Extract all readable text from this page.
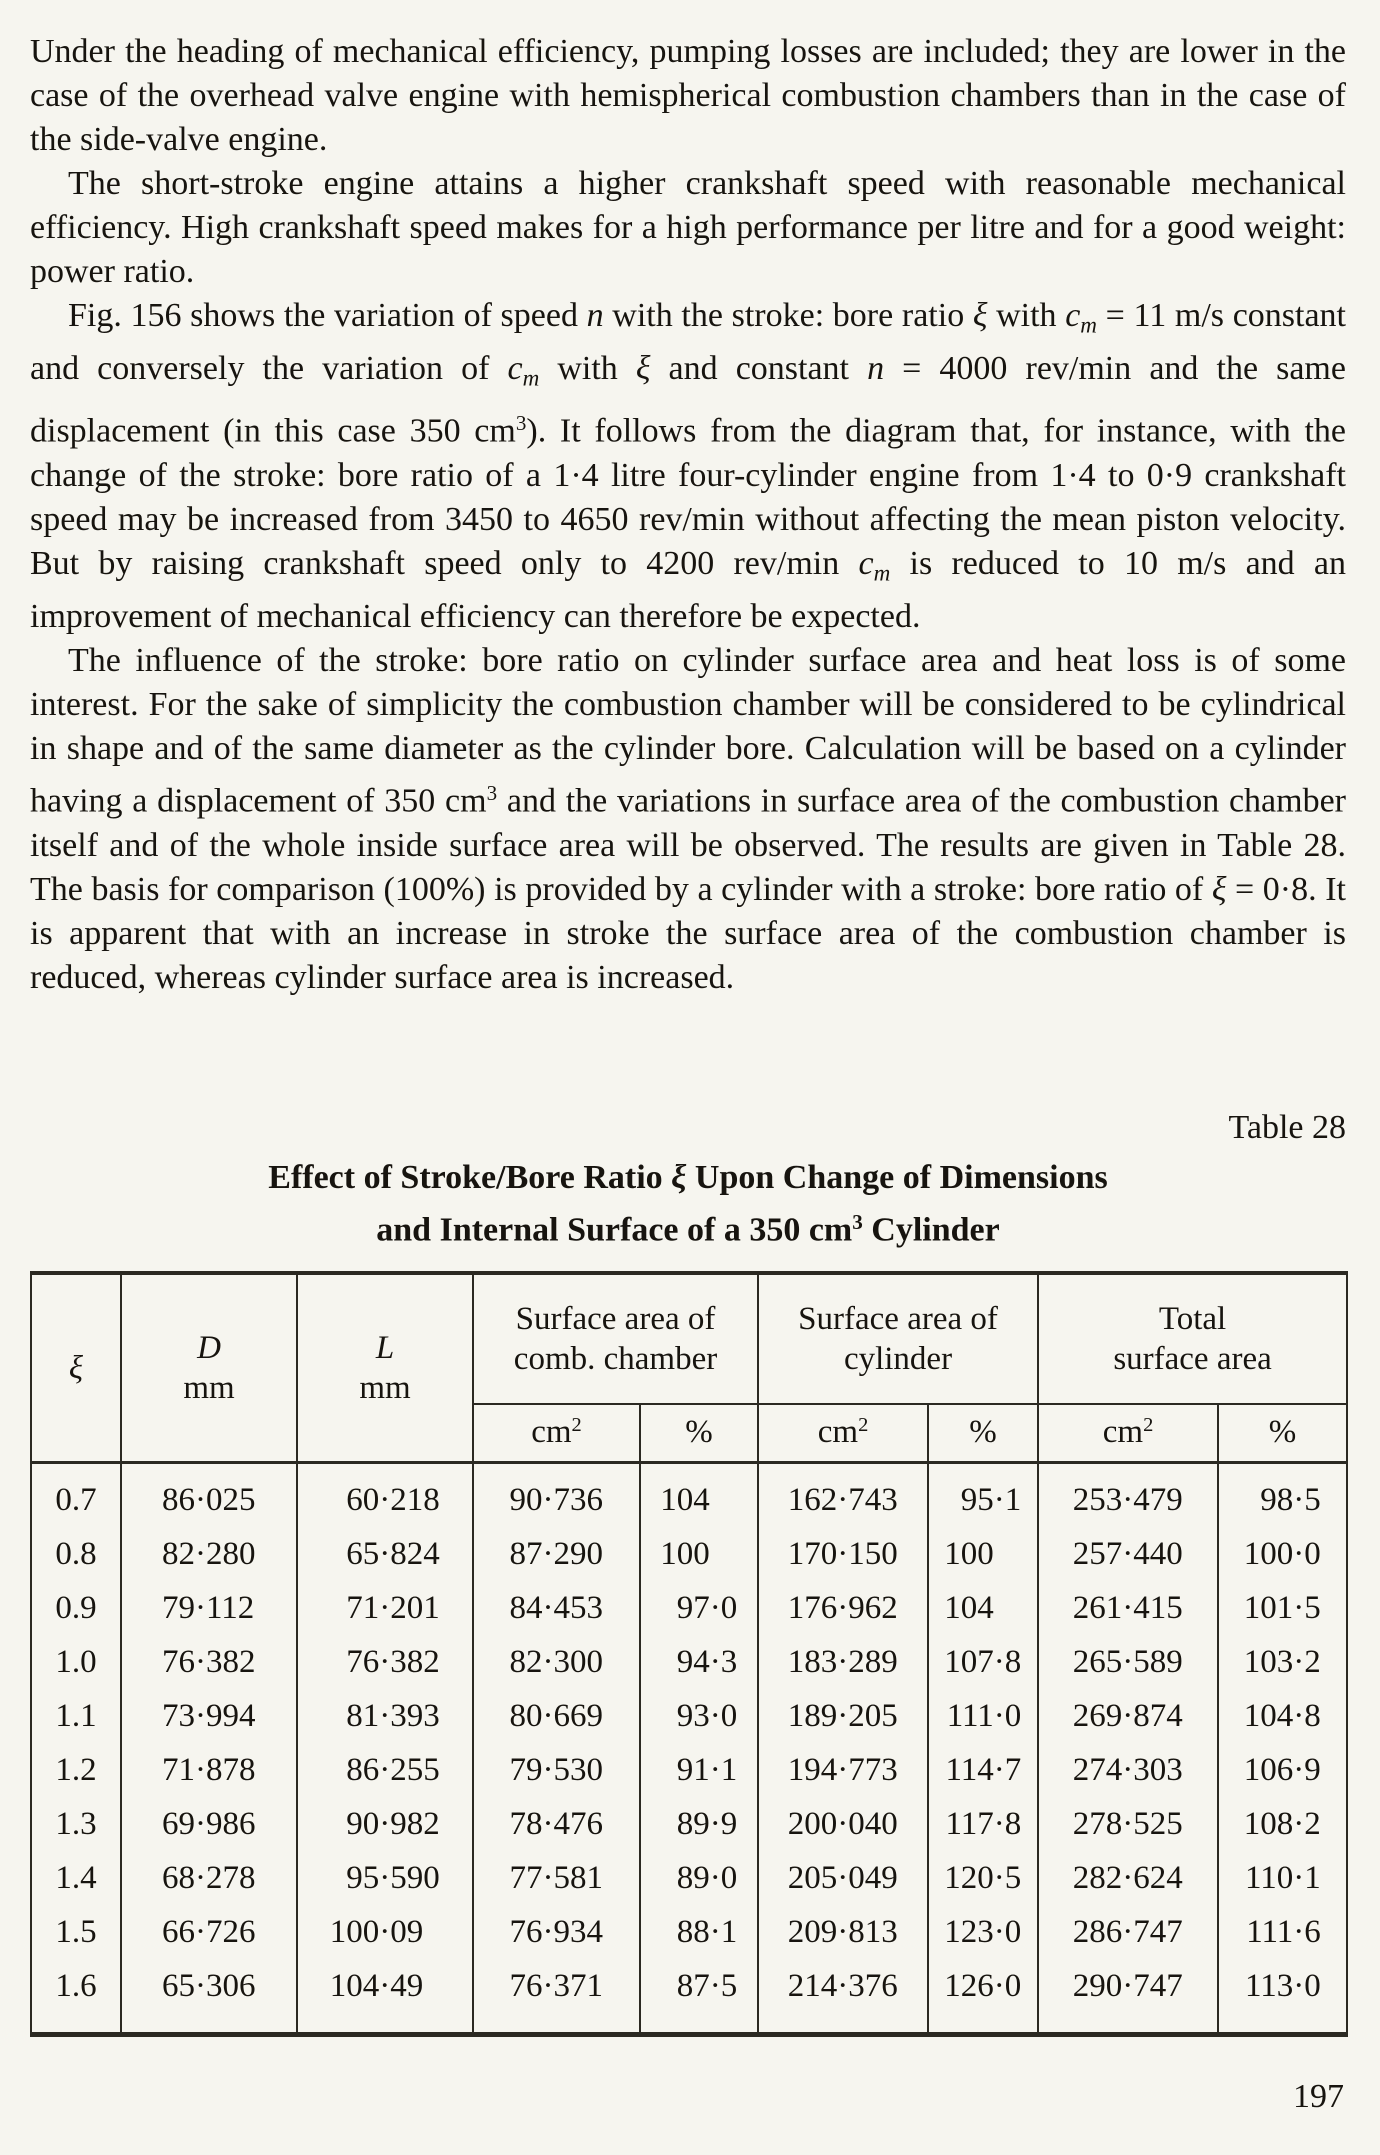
Under the heading of mechanical efficiency, pumping losses are included; they are lower in the case of the overhead valve engine with hemispherical combustion chambers than in the case of the side-valve engine.

The short-stroke engine attains a higher crankshaft speed with reasonable mechanical efficiency. High crankshaft speed makes for a high performance per litre and for a good weight: power ratio.

Fig. 156 shows the variation of speed n with the stroke: bore ratio ξ with cm = 11 m/s constant and conversely the variation of cm with ξ and constant n = 4000 rev/min and the same displacement (in this case 350 $cm^3$). It follows from the diagram that, for instance, with the change of the stroke: bore ratio of a 1·4 litre four-cylinder engine from 1·4 to 0·9 crankshaft speed may be increased from 3450 to 4650 rev/min without affecting the mean piston velocity. But by raising crankshaft speed only to 4200 rev/min cm is reduced to 10 m/s and an improvement of mechanical efficiency can therefore be expected.

The influence of the stroke: bore ratio on cylinder surface area and heat loss is of some interest. For the sake of simplicity the combustion chamber will be considered to be cylindrical in shape and of the same diameter as the cylinder bore. Calculation will be based on a cylinder having a displacement of 350 $cm^3$ and the variations in surface area of the combustion chamber itself and of the whole inside surface area will be observed. The results are given in Table 28. The basis for comparison (100%) is provided by a cylinder with a stroke: bore ratio of ξ = 0·8. It is apparent that with an increase in stroke the surface area of the combustion chamber is reduced, whereas cylinder surface area is increased.

Table 28
Effect of Stroke/Bore Ratio ξ Upon Change of Dimensions
and Internal Surface of a 350 $cm^3$ Cylinder
ξ	
D
mm

L
mm

Surface area of
comb. chamber

Surface area of
cylinder

Total
surface area

			$cm^2$	%	$cm^2$	%	$cm^2$	%
0.7	86 ·025	60 ·218	90 ·736	104	162 ·743	95 ·1	253 ·479	98 ·5

0.8	82 ·280	65 ·824	87 ·290	100	170 ·150	100	257 ·440	100 ·0

0.9	79 ·112	71 ·201	84 ·453	97 ·0	176 ·962	104	261 ·415	101 ·5

1.0	76 ·382	76 ·382	82 ·300	94 ·3	183 ·289	107 ·8	265 ·589	103 ·2

1.1	73 ·994	81 ·393	80 ·669	93 ·0	189 ·205	111 ·0	269 ·874	104 ·8

1.2	71 ·878	86 ·255	79 ·530	91 ·1	194 ·773	114 ·7	274 ·303	106 ·9

1.3	69 ·986	90 ·982	78 ·476	89 ·9	200 ·040	117 ·8	278 ·525	108 ·2

1.4	68 ·278	95 ·590	77 ·581	89 ·0	205 ·049	120 ·5	282 ·624	110 ·1

1.5	66 ·726	100 ·09	76 ·934	88 ·1	209 ·813	123 ·0	286 ·747	111 ·6

1.6	65 ·306	104 ·49	76 ·371	87 ·5	214 ·376	126 ·0	290 ·747	113 ·0
197
